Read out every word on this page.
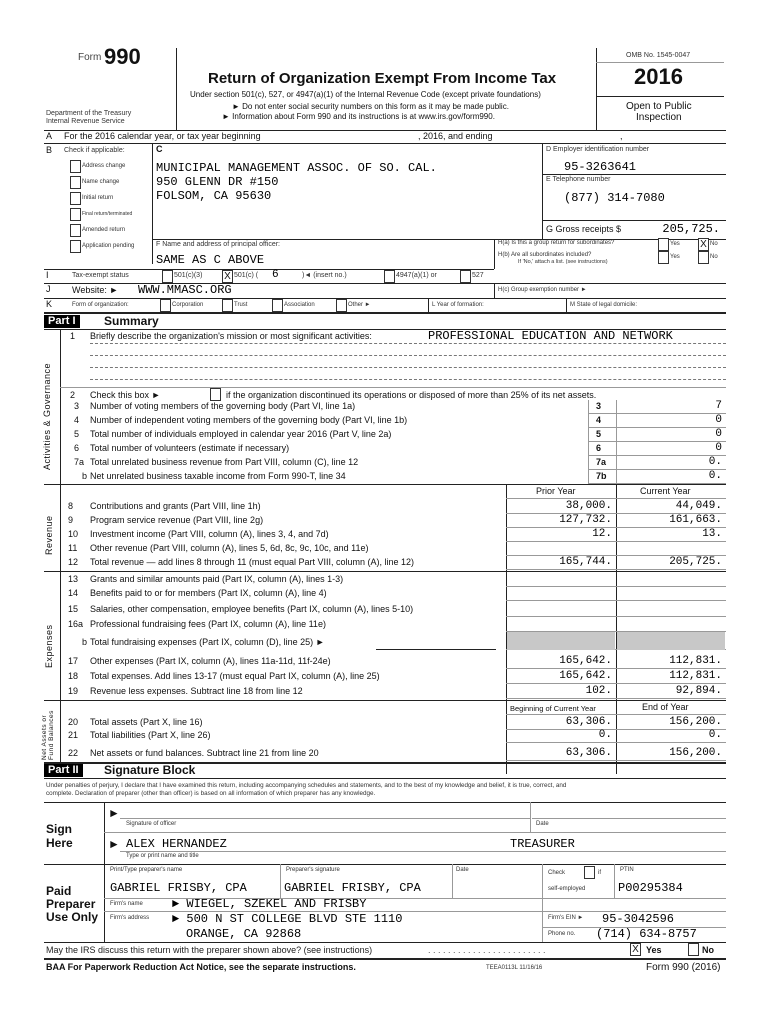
Form 990
Department of the Treasury
Internal Revenue Service
Return of Organization Exempt From Income Tax
Under section 501(c), 527, or 4947(a)(1) of the Internal Revenue Code (except private foundations)
► Do not enter social security numbers on this form as it may be made public.
► Information about Form 990 and its instructions is at www.irs.gov/form990.
OMB No. 1545-0047
2016
Open to Public
Inspection
A For the 2016 calendar year, or tax year beginning	, 2016, and ending	,
B Check if applicable:
Address change
Name change
Initial return
Final return/terminated
Amended return
Application pending
C
MUNICIPAL MANAGEMENT ASSOC. OF SO. CAL.
950 GLENN DR #150
FOLSOM, CA 95630
D Employer identification number
95-3263641
E Telephone number
(877) 314-7080
G Gross receipts $	205,725.
F Name and address of principal officer:
SAME AS C ABOVE
H(a) Is this a group return for subordinates?	Yes X No
H(b) Are all subordinates included?
If 'No,' attach a list. (see instructions)
Yes	No
I	Tax-exempt status	501(c)(3) X 501(c) ( 6	)◄ (insert no.)	4947(a)(1) or	527
J Website: ► WWW.MMASC.ORG	H(c) Group exemption number ►
K	Form of organization:	Corporation	Trust	Association	Other ►	L Year of formation:	M State of legal domicile:
Part I	Summary
Activities & Governance
Revenue
Expenses
Net Assets or Fund Balances
1 Briefly describe the organization's mission or most significant activities:	PROFESSIONAL EDUCATION AND NETWORK
2 Check this box ►	if the organization discontinued its operations or disposed of more than 25% of its net assets.
3 Number of voting members of the governing body (Part VI, line 1a)	3	7
4 Number of independent voting members of the governing body (Part VI, line 1b)	4	0
5 Total number of individuals employed in calendar year 2016 (Part V, line 2a)	5	0
6 Total number of volunteers (estimate if necessary)	6	0
7a Total unrelated business revenue from Part VIII, column (C), line 12	7a	0.
b Net unrelated business taxable income from Form 990-T, line 34	7b	0.
Prior Year	Current Year
8 Contributions and grants (Part VIII, line 1h)	38,000.	44,049.
9 Program service revenue (Part VIII, line 2g)	127,732.	161,663.
10 Investment income (Part VIII, column (A), lines 3, 4, and 7d)	12.	13.
11 Other revenue (Part VIII, column (A), lines 5, 6d, 8c, 9c, 10c, and 11e)
12 Total revenue — add lines 8 through 11 (must equal Part VIII, column (A), line 12)	165,744.	205,725.
13 Grants and similar amounts paid (Part IX, column (A), lines 1-3)
14 Benefits paid to or for members (Part IX, column (A), line 4)
15 Salaries, other compensation, employee benefits (Part IX, column (A), lines 5-10)
16a Professional fundraising fees (Part IX, column (A), line 11e)
b Total fundraising expenses (Part IX, column (D), line 25) ►
17 Other expenses (Part IX, column (A), lines 11a-11d, 11f-24e)	165,642.	112,831.
18 Total expenses. Add lines 13-17 (must equal Part IX, column (A), line 25)	165,642.	112,831.
19 Revenue less expenses. Subtract line 18 from line 12	102.	92,894.
Beginning of Current Year	End of Year
20 Total assets (Part X, line 16)	63,306.	156,200.
21 Total liabilities (Part X, line 26)	0.	0.
22 Net assets or fund balances. Subtract line 21 from line 20	63,306.	156,200.
Part II	Signature Block
Under penalties of perjury, I declare that I have examined this return, including accompanying schedules and statements, and to the best of my knowledge and belief, it is true, correct, and
complete. Declaration of preparer (other than officer) is based on all information of which preparer has any knowledge.
Sign
Here
►
Signature of officer	Date
► ALEX HERNANDEZ	TREASURER
Type or print name and title
Paid
Preparer
Use Only
Print/Type preparer's name	Preparer's signature	Date	Check	if
self-employed
PTIN
GABRIEL FRISBY, CPA	GABRIEL FRISBY, CPA	P00295384
Firm's name ► WIEGEL, SZEKEL AND FRISBY
Firm's address ► 500 N ST COLLEGE BLVD STE 1110	Firm's EIN ► 95-3042596
ORANGE, CA 92868	Phone no. (714) 634-8757
May the IRS discuss this return with the preparer shown above? (see instructions)	. . . . . . . . . . . . . . . . . . . . . . . .	X Yes	No
BAA For Paperwork Reduction Act Notice, see the separate instructions.	TEEA0113L 11/16/16	Form 990 (2016)
